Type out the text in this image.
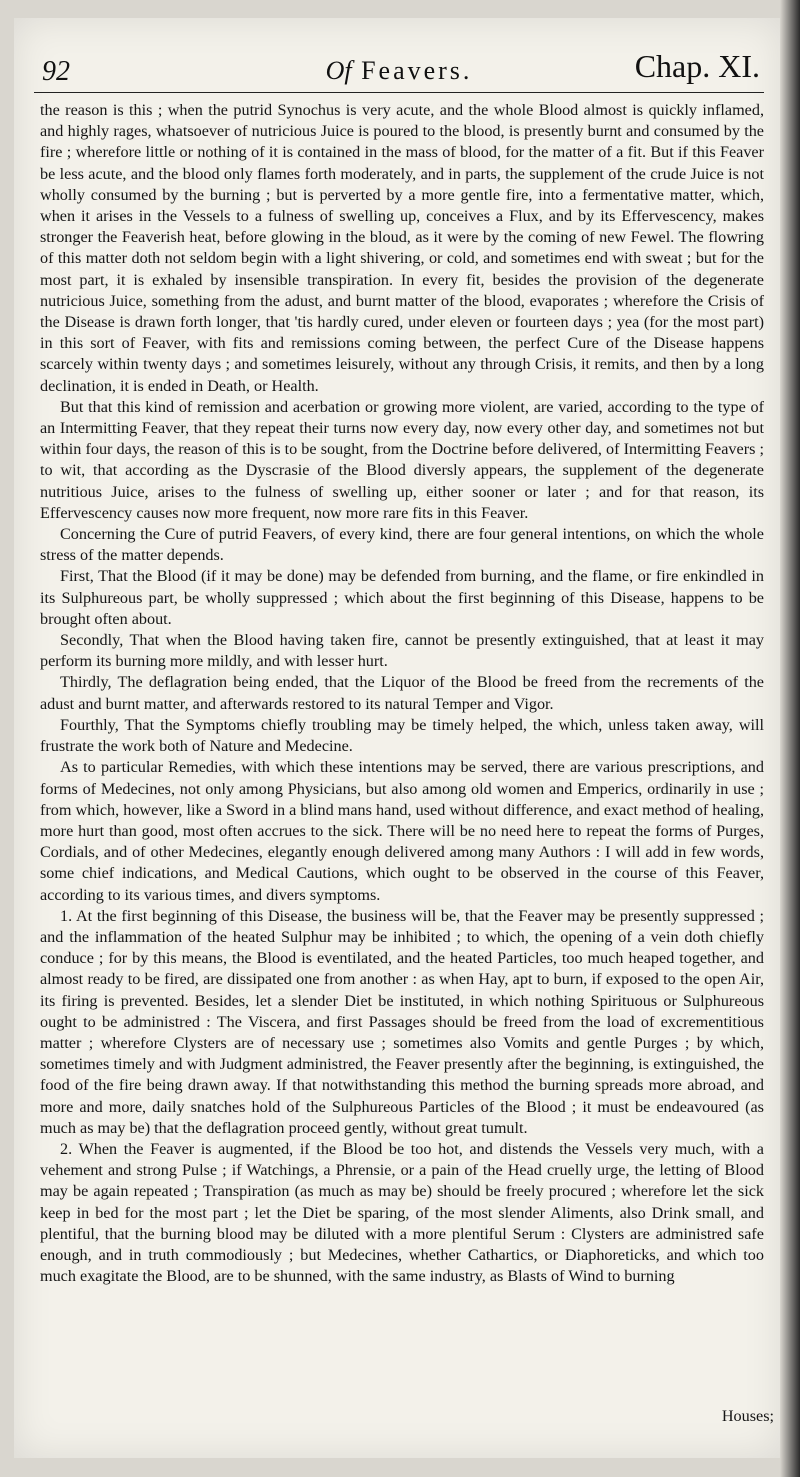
92	Of Feavers.	Chap. XI.

the reason is this ; when the putrid Synochus is very acute, and the whole Blood almost is quickly inflamed, and highly rages, whatsoever of nutricious Juice is poured to the blood, is presently burnt and consumed by the fire ; wherefore little or nothing of it is contained in the mass of blood, for the matter of a fit. But if this Feaver be less acute, and the blood only flames forth moderately, and in parts, the supplement of the crude Juice is not wholly consumed by the burning ; but is perverted by a more gentle fire, into a fermentative matter, which, when it arises in the Vessels to a fulness of swelling up, conceives a Flux, and by its Effervescency, makes stronger the Feaverish heat, before glowing in the bloud, as it were by the coming of new Fewel. The flowring of this matter doth not seldom begin with a light shivering, or cold, and sometimes end with sweat ; but for the most part, it is exhaled by insensible transpiration. In every fit, besides the provision of the degenerate nutricious Juice, something from the adust, and burnt matter of the blood, evaporates ; wherefore the Crisis of the Disease is drawn forth longer, that 'tis hardly cured, under eleven or fourteen days ; yea (for the most part) in this sort of Feaver, with fits and remissions coming between, the perfect Cure of the Disease happens scarcely within twenty days ; and sometimes leisurely, without any through Crisis, it remits, and then by a long declination, it is ended in Death, or Health.

But that this kind of remission and acerbation or growing more violent, are varied, according to the type of an Intermitting Feaver, that they repeat their turns now every day, now every other day, and sometimes not but within four days, the reason of this is to be sought, from the Doctrine before delivered, of Intermitting Feavers ; to wit, that according as the Dyscrasie of the Blood diversly appears, the supplement of the degenerate nutritious Juice, arises to the fulness of swelling up, either sooner or later ; and for that reason, its Effervescency causes now more frequent, now more rare fits in this Feaver.

Concerning the Cure of putrid Feavers, of every kind, there are four general intentions, on which the whole stress of the matter depends.

First, That the Blood (if it may be done) may be defended from burning, and the flame, or fire enkindled in its Sulphureous part, be wholly suppressed ; which about the first beginning of this Disease, happens to be brought often about.

Secondly, That when the Blood having taken fire, cannot be presently extinguished, that at least it may perform its burning more mildly, and with lesser hurt.

Thirdly, The deflagration being ended, that the Liquor of the Blood be freed from the recrements of the adust and burnt matter, and afterwards restored to its natural Temper and Vigor.

Fourthly, That the Symptoms chiefly troubling may be timely helped, the which, unless taken away, will frustrate the work both of Nature and Medecine.

As to particular Remedies, with which these intentions may be served, there are various prescriptions, and forms of Medecines, not only among Physicians, but also among old women and Emperics, ordinarily in use ; from which, however, like a Sword in a blind mans hand, used without difference, and exact method of healing, more hurt than good, most often accrues to the sick. There will be no need here to repeat the forms of Purges, Cordials, and of other Medecines, elegantly enough delivered among many Authors : I will add in few words, some chief indications, and Medical Cautions, which ought to be observed in the course of this Feaver, according to its various times, and divers symptoms.

1. At the first beginning of this Disease, the business will be, that the Feaver may be presently suppressed ; and the inflammation of the heated Sulphur may be inhibited ; to which, the opening of a vein doth chiefly conduce ; for by this means, the Blood is eventilated, and the heated Particles, too much heaped together, and almost ready to be fired, are dissipated one from another : as when Hay, apt to burn, if exposed to the open Air, its firing is prevented. Besides, let a slender Diet be instituted, in which nothing Spirituous or Sulphureous ought to be administred : The Viscera, and first Passages should be freed from the load of excrementitious matter ; wherefore Clysters are of necessary use ; sometimes also Vomits and gentle Purges ; by which, sometimes timely and with Judgment administred, the Feaver presently after the beginning, is extinguished, the food of the fire being drawn away. If that notwithstanding this method the burning spreads more abroad, and more and more, daily snatches hold of the Sulphureous Particles of the Blood ; it must be endeavoured (as much as may be) that the deflagration proceed gently, without great tumult.

2. When the Feaver is augmented, if the Blood be too hot, and distends the Vessels very much, with a vehement and strong Pulse ; if Watchings, a Phrensie, or a pain of the Head cruelly urge, the letting of Blood may be again repeated ; Transpiration (as much as may be) should be freely procured ; wherefore let the sick keep in bed for the most part ; let the Diet be sparing, of the most slender Aliments, also Drink small, and plentiful, that the burning blood may be diluted with a more plentiful Serum : Clysters are administred safe enough, and in truth commodiously ; but Medecines, whether Cathartics, or Diaphoreticks, and which too much exagitate the Blood, are to be shunned, with the same industry, as Blasts of Wind to burning

Houses;
